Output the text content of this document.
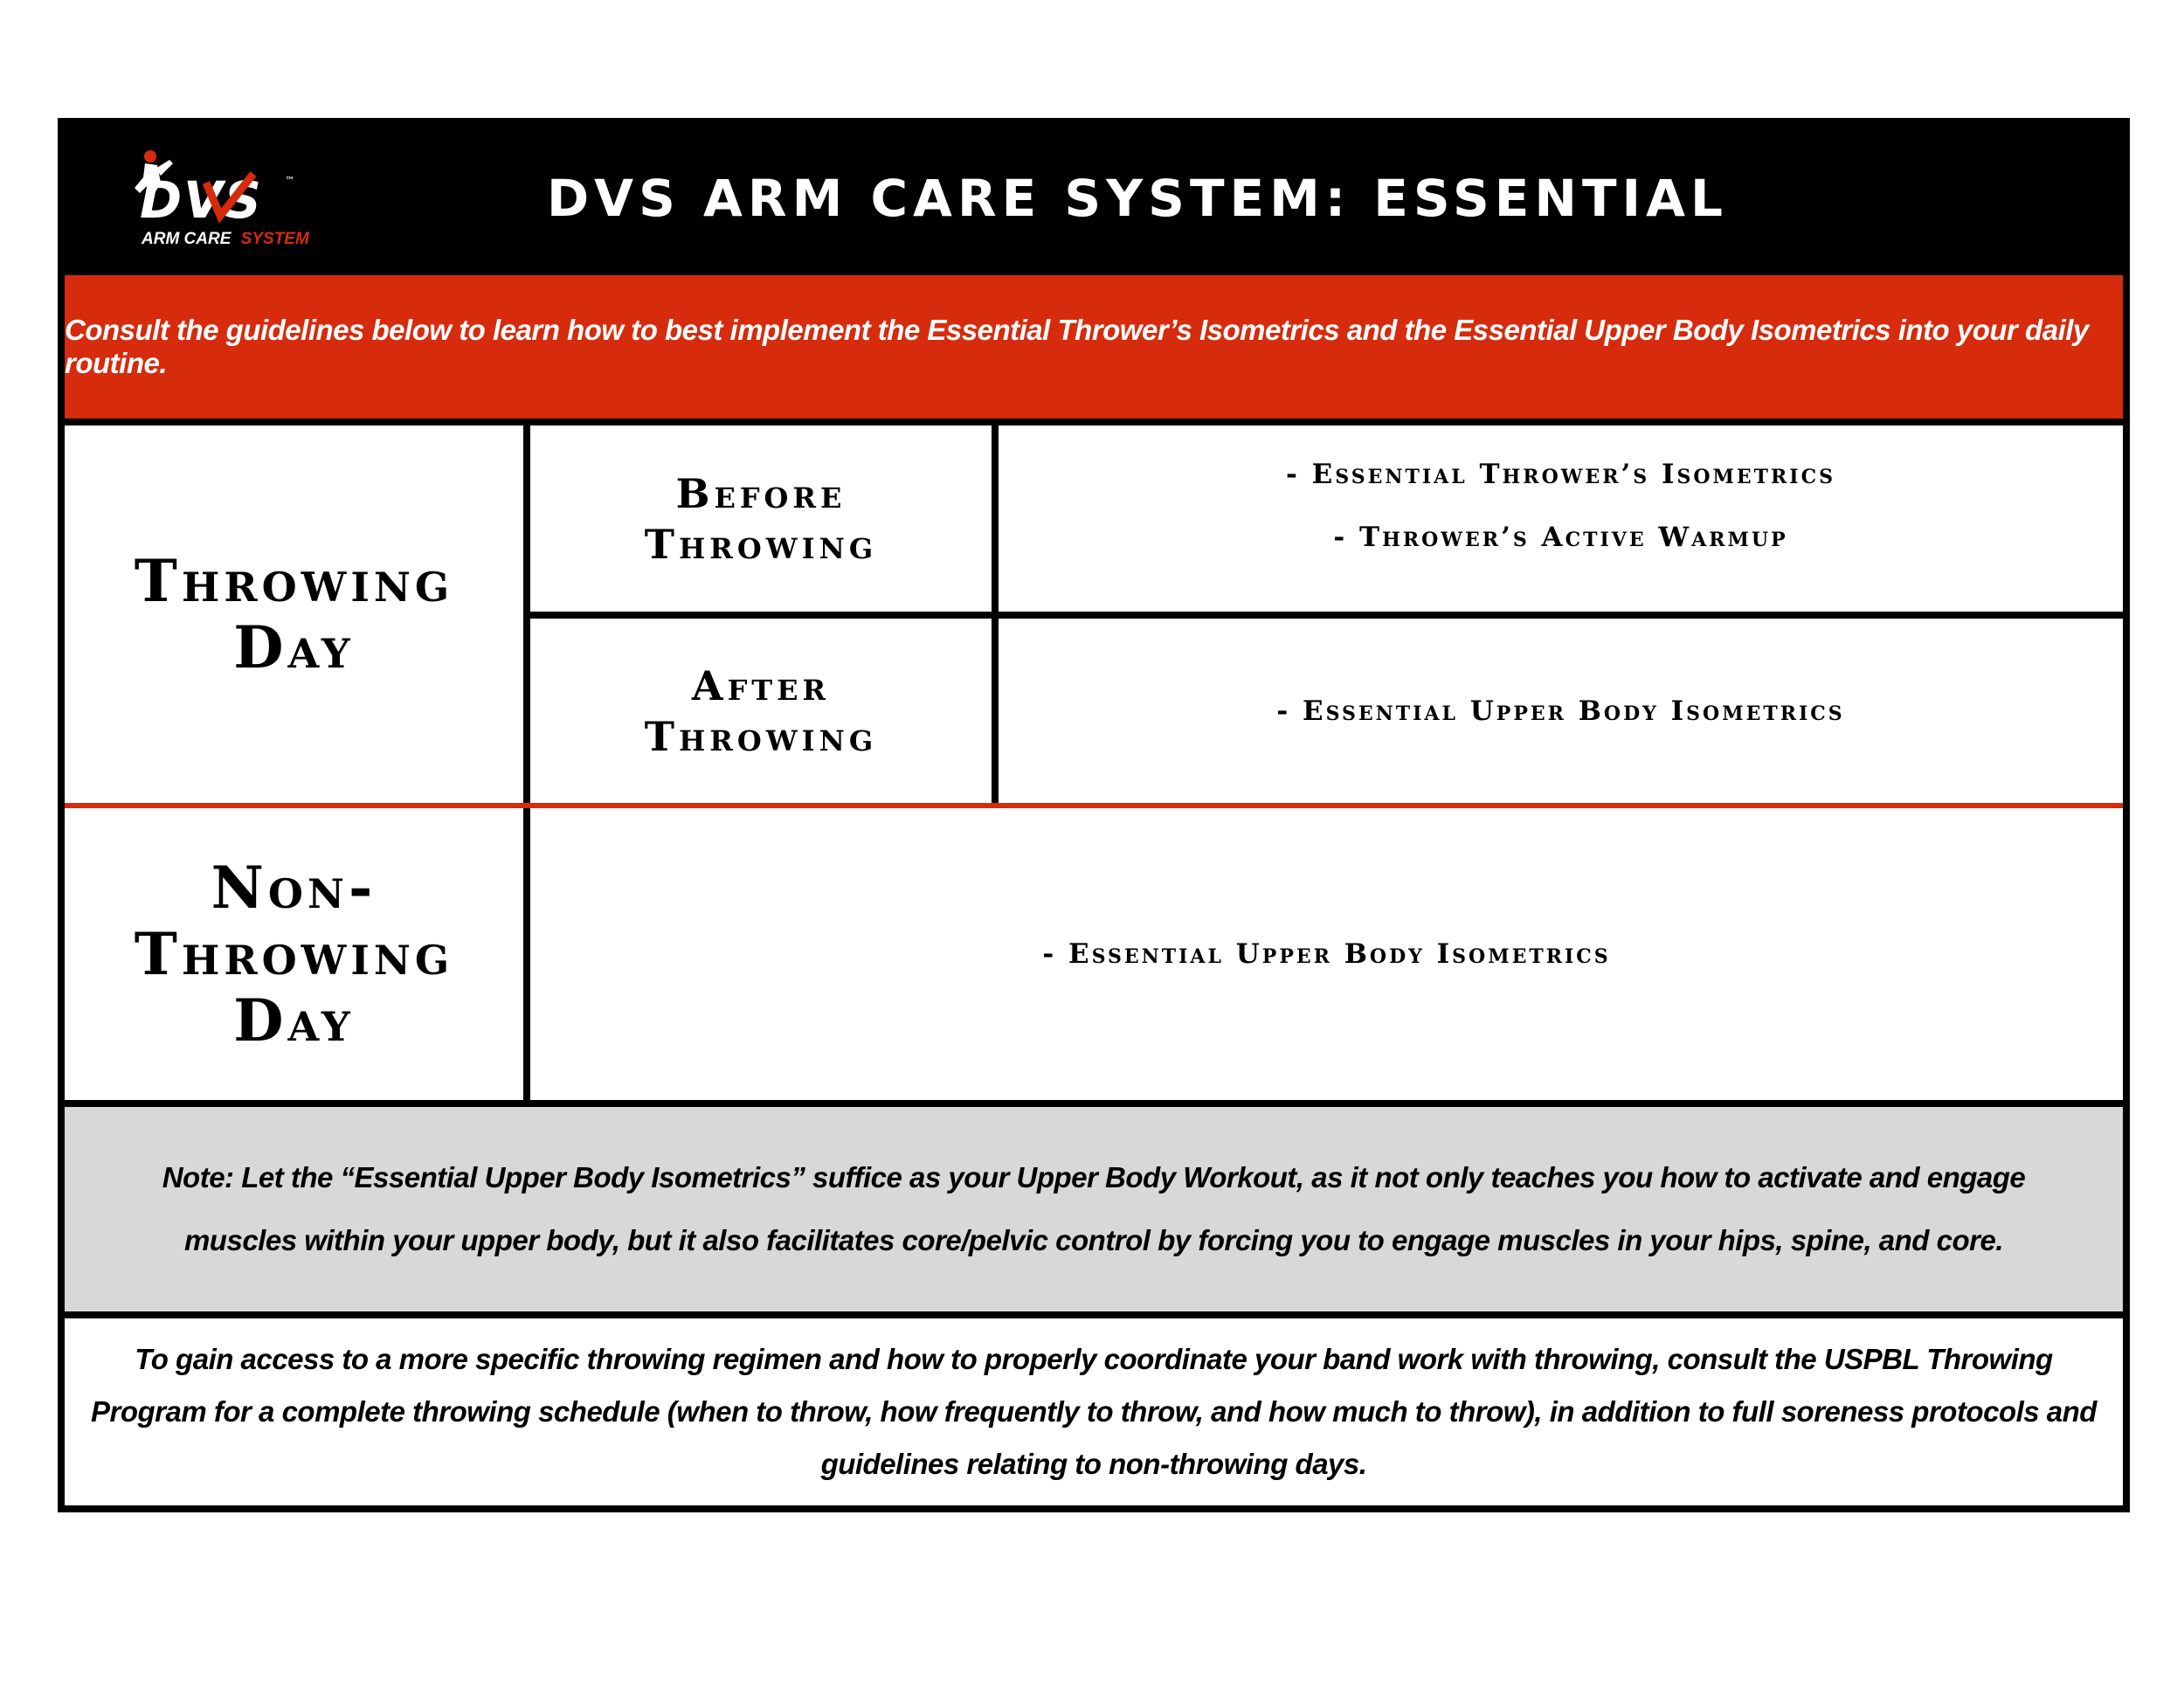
DVS ™
ARM CARE SYSTEM
DVS ARM CARE SYSTEM: ESSENTIAL
Consult the guidelines below to learn how to best implement the Essential Thrower’s Isometrics and the Essential Upper Body Isometrics into your daily routine.
Throwing
Day
Before
Throwing
- Essential Thrower’s Isometrics
- Thrower’s Active Warmup
After
Throwing
- Essential Upper Body Isometrics
Non-
Throwing
Day
- Essential Upper Body Isometrics

Note: Let the “Essential Upper Body Isometrics” suffice as your Upper Body Workout, as it not only teaches you how to activate and engage muscles within your upper body, but it also facilitates core/pelvic control by forcing you to engage muscles in your hips, spine, and core.

To gain access to a more specific throwing regimen and how to properly coordinate your band work with throwing, consult the USPBL Throwing Program for a complete throwing schedule (when to throw, how frequently to throw, and how much to throw), in addition to full soreness protocols and guidelines relating to non-throwing days.
